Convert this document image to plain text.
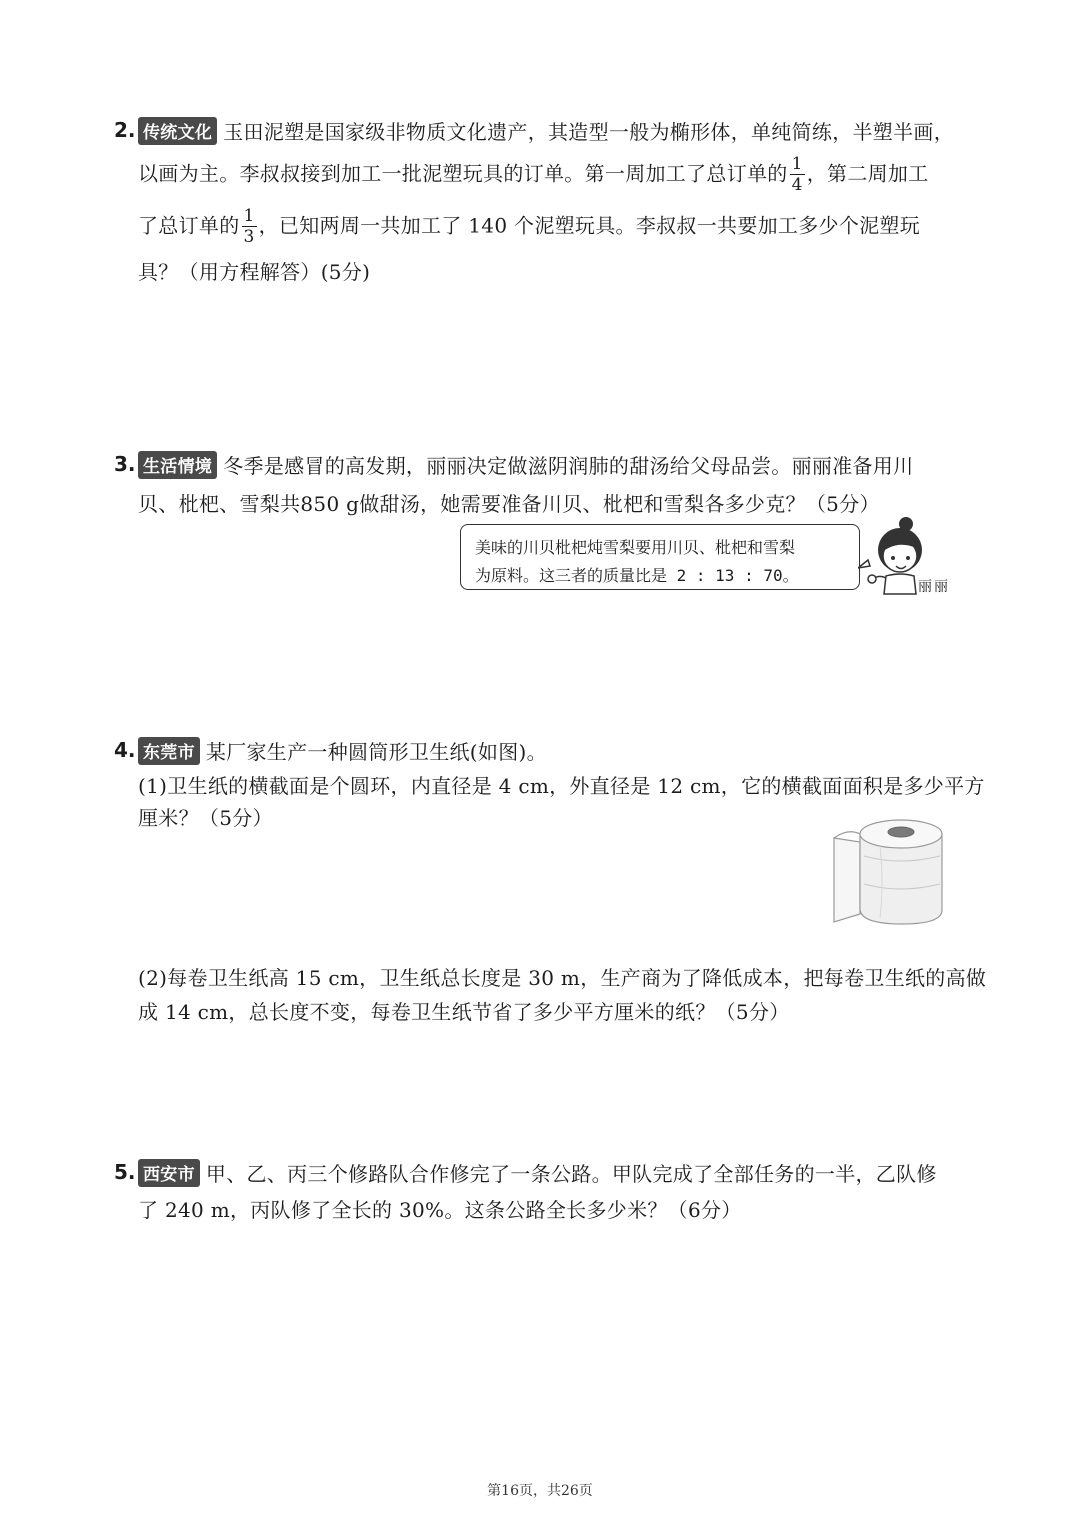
2. 传统文化 玉田泥塑是国家级非物质文化遗产，其造型一般为椭形体，单纯简练，半塑半画，
以画为主。李叔叔接到加工一批泥塑玩具的订单。第一周加工了总订单的 $\frac{1}{4}$ ，第二周加工
了总订单的 $\frac{1}{3}$ ，已知两周一共加工了 140 个泥塑玩具。李叔叔一共要加工多少个泥塑玩
具？（用方程解答）(5分)
3. 生活情境 冬季是感冒的高发期，丽丽决定做滋阴润肺的甜汤给父母品尝。丽丽准备用川
贝、枇杷、雪梨共850 g做甜汤，她需要准备川贝、枇杷和雪梨各多少克？（5分）
美味的川贝枇杷炖雪梨要用川贝、枇杷和雪梨
为原料。这三者的质量比是 2 : 13 : 70。
丽丽
4. 东莞市 某厂家生产一种圆筒形卫生纸(如图)。
(1)卫生纸的横截面是个圆环，内直径是 4 cm，外直径是 12 cm，它的横截面面积是多少平方
厘米？（5分）
(2)每卷卫生纸高 15 cm，卫生纸总长度是 30 m，生产商为了降低成本，把每卷卫生纸的高做
成 14 cm，总长度不变，每卷卫生纸节省了多少平方厘米的纸？（5分）
5. 西安市 甲、乙、丙三个修路队合作修完了一条公路。甲队完成了全部任务的一半，乙队修
了 240 m，丙队修了全长的 30%。这条公路全长多少米？（6分）
第16页，共26页
